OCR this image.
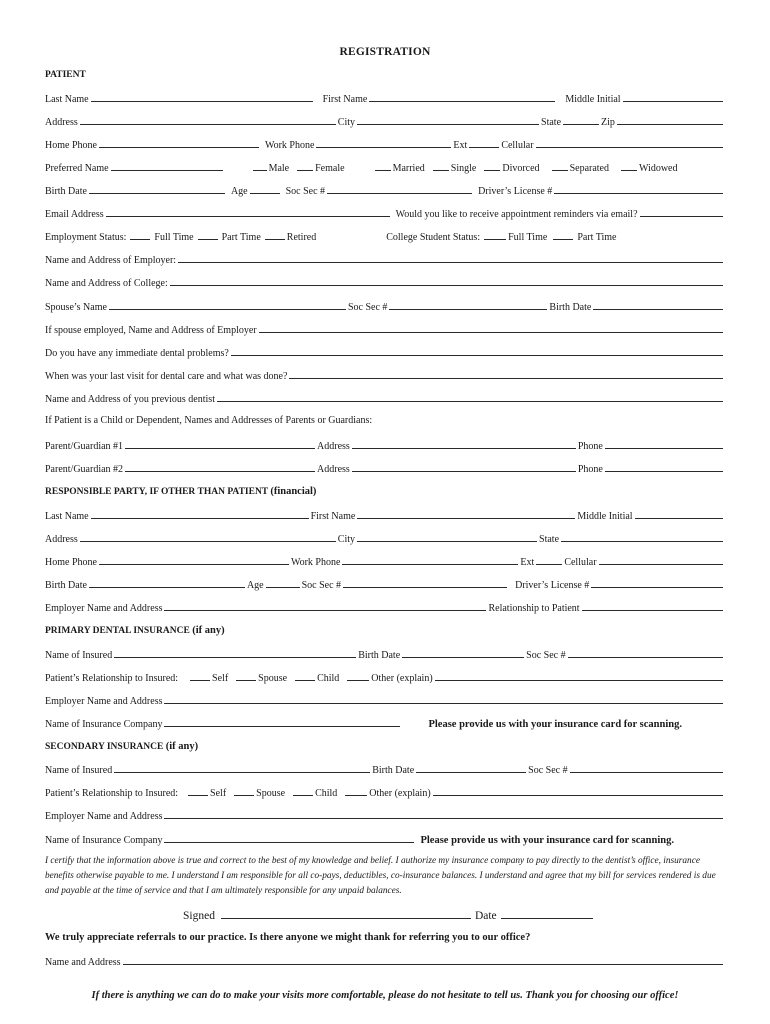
REGISTRATION
PATIENT
Last Name	First Name	Middle Initial
Address	City	State	Zip
Home Phone	Work Phone	Ext	Cellular
Preferred Name	Male	Female	Married	Single	Divorced	Separated	Widowed
Birth Date	Age	Soc Sec #	Driver’s License #
Email Address	Would you like to receive appointment reminders via email?
Employment Status:	Full Time	Part Time	Retired	College Student Status:	Full Time	Part Time
Name and Address of Employer:
Name and Address of College:
Spouse’s Name	Soc Sec #	Birth Date
If spouse employed, Name and Address of Employer
Do you have any immediate dental problems?
When was your last visit for dental care and what was done?
Name and Address of you previous dentist
If Patient is a Child or Dependent, Names and Addresses of Parents or Guardians:
Parent/Guardian #1	Address	Phone
Parent/Guardian #2	Address	Phone
RESPONSIBLE PARTY, IF OTHER THAN PATIENT (financial)
Last Name	First Name	Middle Initial
Address	City	State
Home Phone	Work Phone	Ext	Cellular
Birth Date	Age	Soc Sec #	Driver’s License #
Employer Name and Address	Relationship to Patient
PRIMARY DENTAL INSURANCE (if any)
Name of Insured	Birth Date	Soc Sec #
Patient’s Relationship to Insured:	Self	Spouse	Child	Other (explain)
Employer Name and Address
Name of Insurance Company	Please provide us with your insurance card for scanning.
SECONDARY INSURANCE (if any)
Name of Insured	Birth Date	Soc Sec #
Patient’s Relationship to Insured:	Self	Spouse	Child	Other (explain)
Employer Name and Address
Name of Insurance Company	Please provide us with your insurance card for scanning.
I certify that the information above is true and correct to the best of my knowledge and belief. I authorize my insurance company to pay directly to the dentist’s office, insurance benefits otherwise payable to me. I understand I am responsible for all co-pays, deductibles, co-insurance balances. I understand and agree that my bill for services rendered is due and payable at the time of service and that I am ultimately responsible for any unpaid balances.
Signed	Date
We truly appreciate referrals to our practice. Is there anyone we might thank for referring you to our office?
Name and Address
If there is anything we can do to make your visits more comfortable, please do not hesitate to tell us. Thank you for choosing our office!
